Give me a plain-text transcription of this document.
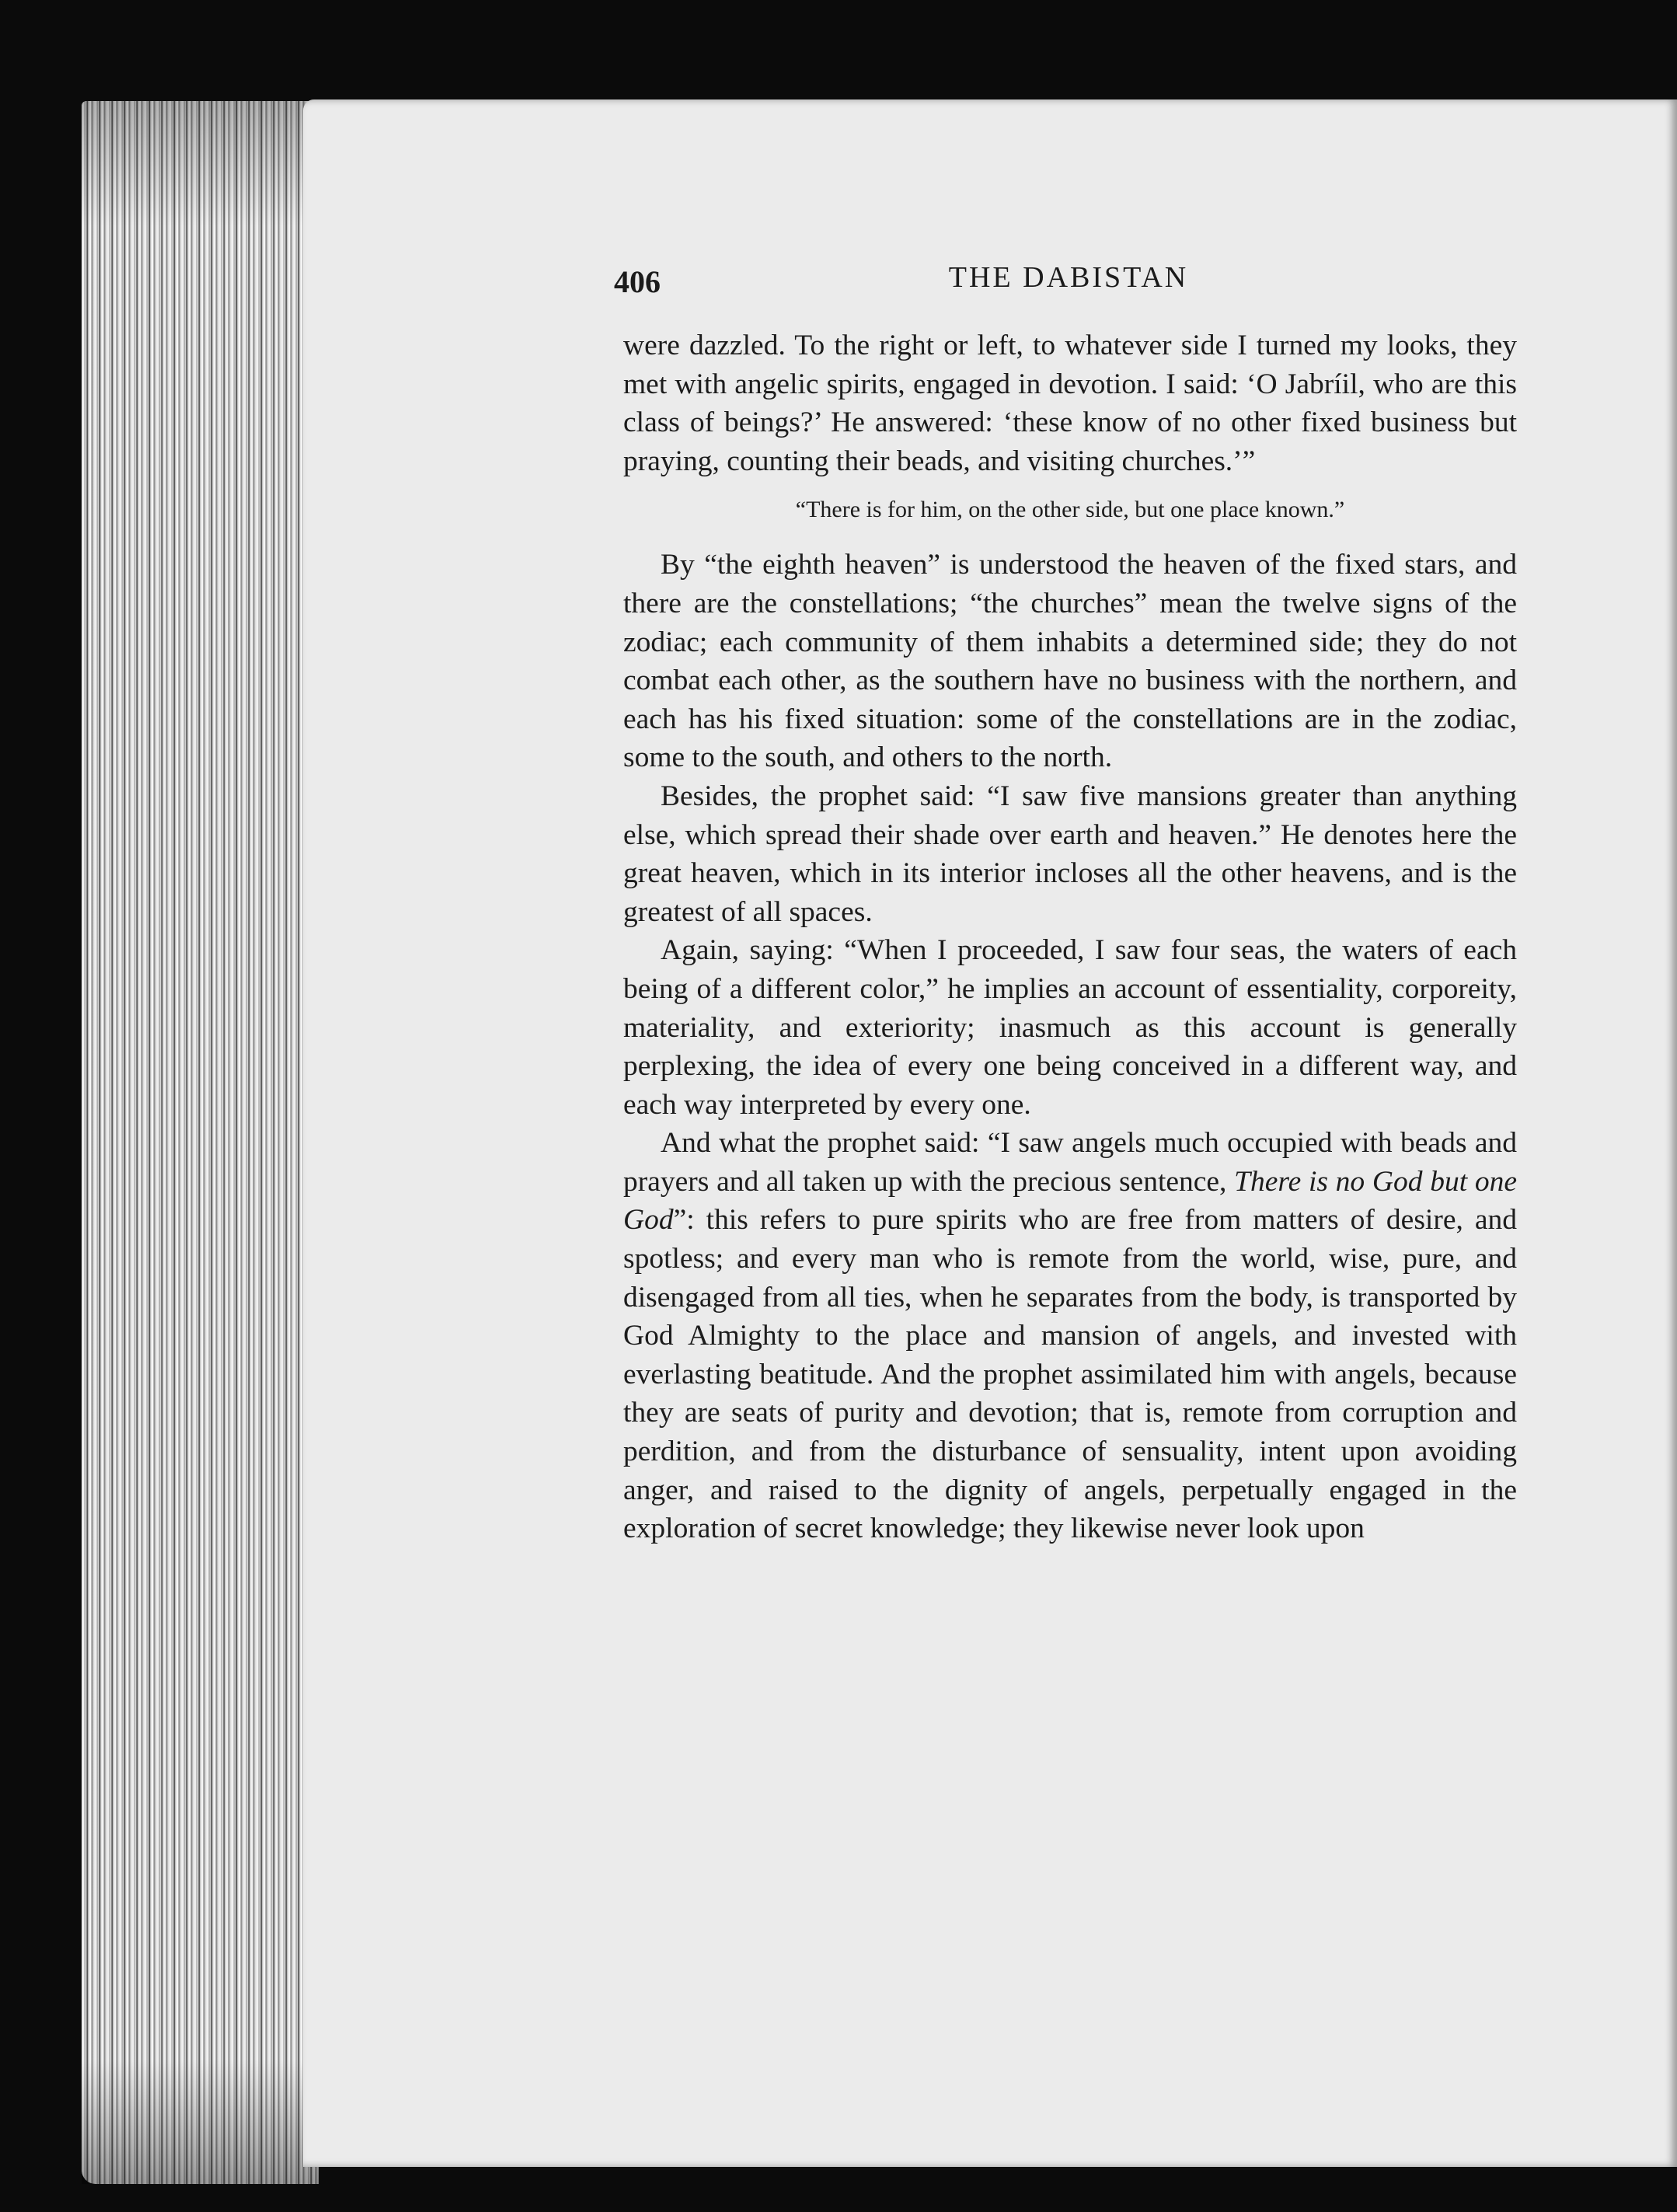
406	THE DABISTAN

were dazzled. To the right or left, to whatever side I turned my looks, they met with angelic spirits, engaged in devotion. I said: ‘O Jabríil, who are this class of beings?’ He answered: ‘these know of no other fixed business but praying, counting their beads, and visiting churches.’”

“There is for him, on the other side, but one place known.”

By “the eighth heaven” is understood the heaven of the fixed stars, and there are the constellations; “the churches” mean the twelve signs of the zodiac; each community of them inhabits a determined side; they do not combat each other, as the southern have no business with the northern, and each has his fixed situation: some of the constellations are in the zodiac, some to the south, and others to the north.

Besides, the prophet said: “I saw five mansions greater than anything else, which spread their shade over earth and heaven.” He denotes here the great heaven, which in its interior incloses all the other heavens, and is the greatest of all spaces.

Again, saying: “When I proceeded, I saw four seas, the waters of each being of a different color,” he implies an account of essentiality, corporeity, materiality, and exteriority; inasmuch as this account is generally perplexing, the idea of every one being conceived in a different way, and each way interpreted by every one.

And what the prophet said: “I saw angels much occupied with beads and prayers and all taken up with the precious sentence, There is no God but one God”: this refers to pure spirits who are free from matters of desire, and spotless; and every man who is remote from the world, wise, pure, and disengaged from all ties, when he separates from the body, is transported by God Almighty to the place and mansion of angels, and invested with everlasting beatitude. And the prophet assimilated him with angels, because they are seats of purity and devotion; that is, remote from corruption and perdition, and from the disturbance of sensuality, intent upon avoiding anger, and raised to the dignity of angels, perpetually engaged in the exploration of secret knowledge; they likewise never look upon
